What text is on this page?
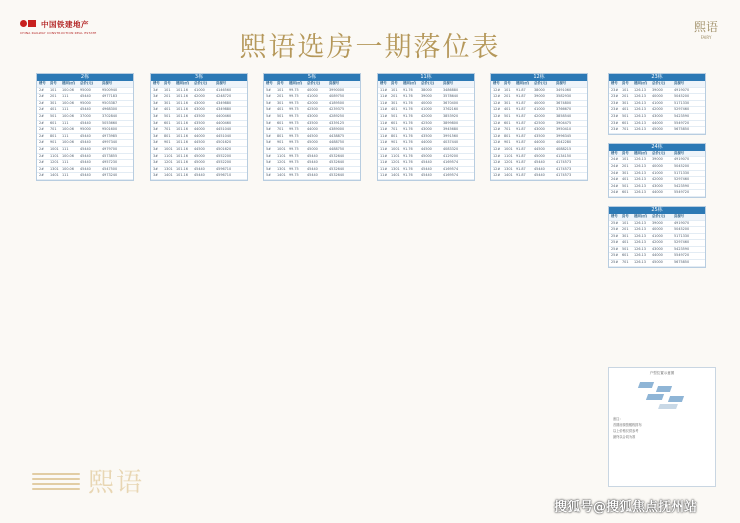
中国铁建地产
CHINA RAILWAY CONSTRUCTION REAL ESTATE	熙语选房一期落位表
熙语
FAIRY
2栋
楼号	房号	建面(㎡)	总价(元)	房源号
2#	101	100.06	95000	9500940
2#	201	111	45440	4977183
2#	301	100.06	95000	9503387
2#	401	111	45440	4968300
2#	501	100.06	37000	3702840
2#	601	111	45440	5053660
2#	701	100.06	95000	9501600
2#	801	111	45440	4973985
2#	901	100.06	45440	4997340
2#	1001 111	45440	4979700
2#	1101 100.06	45440	4573855
2#	1201 111	45440	4957230
2#	1301 100.06	45440	4547500
2#	1401 111	45440	4973240
3栋
楼号	房号	建面(㎡)	总价(元)	房源号
3#	101	101.16	41000	4146560
3#	201	101.16	42000	4248720
3#	301	101.16	43000	4349880
3#	401	101.16	43000	4349880
3#	501	101.16	43500	4400460
3#	601	101.16	43500	4400460
3#	701	101.16	44000	4451040
3#	801	101.16	44000	4451040
3#	901	101.16	44500	4501620
3#	1001 101.16	44500	4501620
3#	1101 101.16	45000	4552200
3#	1201 101.16	45000	4552200
3#	1301 101.16	45440	4596710
3#	1401 101.16	45440	4596710
5栋
楼号	房号	建面(㎡)	总价(元)	房源号
5#	101	99.75	40000	3990000
5#	201	99.75	41000	4089750
5#	301	99.75	42000	4189500
5#	401	99.75	42500	4239375
5#	501	99.75	43000	4289250
5#	601	99.75	43500	4339125
5#	701	99.75	44000	4389000
5#	801	99.75	44500	4438875
5#	901	99.75	45000	4488750
5#	1001 99.75	45000	4488750
5#	1101 99.75	45440	4532640
5#	1201 99.75	45440	4532640
5#	1301 99.75	45440	4532640
5#	1401 99.75	45440	4532640
11栋
楼号	房号	建面(㎡)	总价(元)	房源号
11#	101	91.76	38000	3486880
11#	201	91.76	39000	3578640
11#	301	91.76	40000	3670400
11#	401	91.76	41000	3762160
11#	501	91.76	42000	3853920
11#	601	91.76	42500	3899800
11#	701	91.76	43000	3945680
11#	801	91.76	43500	3991560
11#	901	91.76	44000	4037440
11#	1001 91.76	44500	4083320
11#	1101 91.76	45000	4129200
11#	1201 91.76	45440	4169574
11#	1301 91.76	45440	4169574
11#	1401 91.76	45440	4169574
12栋
楼号	房号	建面(㎡)	总价(元)	房源号
12#	101	91.87	38000	3491060
12#	201	91.87	39000	3582930
12#	301	91.87	40000	3674800
12#	401	91.87	41000	3766670
12#	501	91.87	42000	3858540
12#	601	91.87	42500	3904475
12#	701	91.87	43000	3950410
12#	801	91.87	43500	3996345
12#	901	91.87	44000	4042280
12#	1001 91.87	44500	4088215
12#	1101 91.87	45000	4134150
12#	1201 91.87	45440	4174573
12#	1301 91.87	45440	4174573
12#	1401 91.87	45440	4174573
23栋
楼号	房号	建面(㎡)	总价(元)	房源号
23#	101	126.13	39000	4919070
23#	201	126.13	40000	5045200
23#	301	126.13	41000	5171330
23#	401	126.13	42000	5297460
23#	501	126.13	43000	5423590
23#	601	126.13	44000	5549720
23#	701	126.13	45000	5675850
24栋
楼号	房号	建面(㎡)	总价(元)	房源号
24#	101	126.13	39000	4919070
24#	201	126.13	40000	5045200
24#	301	126.13	41000	5171330
24#	401	126.13	42000	5297460
24#	501	126.13	43000	5423590
24#	601	126.13	44000	5549720
25栋
楼号	房号	建面(㎡)	总价(元)	房源号
25#	101	126.13	39000	4919070
25#	201	126.13	40000	5045200
25#	301	126.13	41000	5171330
25#	401	126.13	42000	5297460
25#	501	126.13	43000	5423590
25#	601	126.13	44000	5549720
25#	701	126.13	45000	5675850
户型位置示意图
备注：
首期房源按楼栋排布
以上价格仅供参考
最终以合同为准
熙语
搜狐号@搜狐焦点抚州站
